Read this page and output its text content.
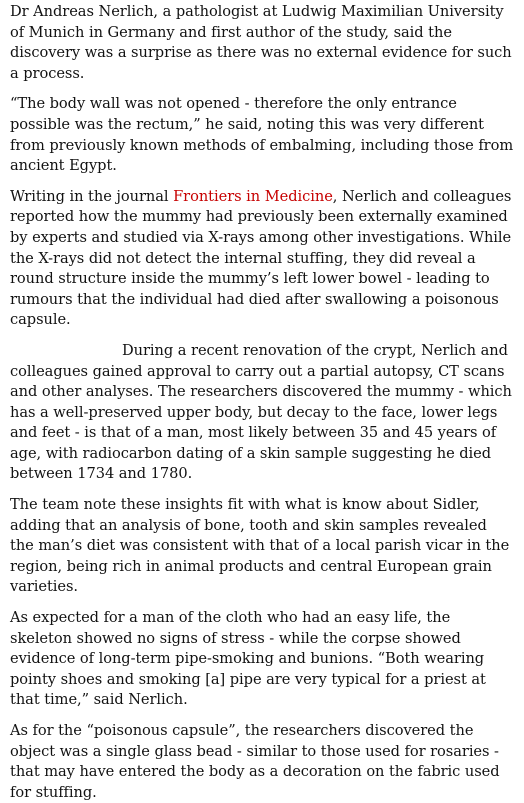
Dr Andreas Nerlich, a pathologist at Ludwig Maximilian University of Munich in Germany and first author of the study, said the discovery was a surprise as there was no external evidence for such a process.

“The body wall was not opened - therefore the only entrance possible was the rectum,” he said, noting this was very different from previously known methods of embalming, including those from ancient Egypt.

Writing in the journal Frontiers in Medicine, Nerlich and colleagues reported how the mummy had previously been externally examined by experts and studied via X-rays among other investigations. While the X-rays did not detect the internal stuffing, they did reveal a round structure inside the mummy’s left lower bowel - leading to rumours that the individual had died after swallowing a poisonous capsule.

During a recent renovation of the crypt, Nerlich and colleagues gained approval to carry out a partial autopsy, CT scans and other analyses. The researchers discovered the mummy - which has a well-preserved upper body, but decay to the face, lower legs and feet - is that of a man, most likely between 35 and 45 years of age, with radiocarbon dating of a skin sample suggesting he died between 1734 and 1780.

The team note these insights fit with what is know about Sidler, adding that an analysis of bone, tooth and skin samples revealed the man’s diet was consistent with that of a local parish vicar in the region, being rich in animal products and central European grain varieties.

As expected for a man of the cloth who had an easy life, the skeleton showed no signs of stress - while the corpse showed evidence of long-term pipe-smoking and bunions. “Both wearing pointy shoes and smoking [a] pipe are very typical for a priest at that time,” said Nerlich.

As for the “poisonous capsule”, the researchers discovered the object was a single glass bead - similar to those used for rosaries - that may have entered the body as a decoration on the fabric used for stuffing.
